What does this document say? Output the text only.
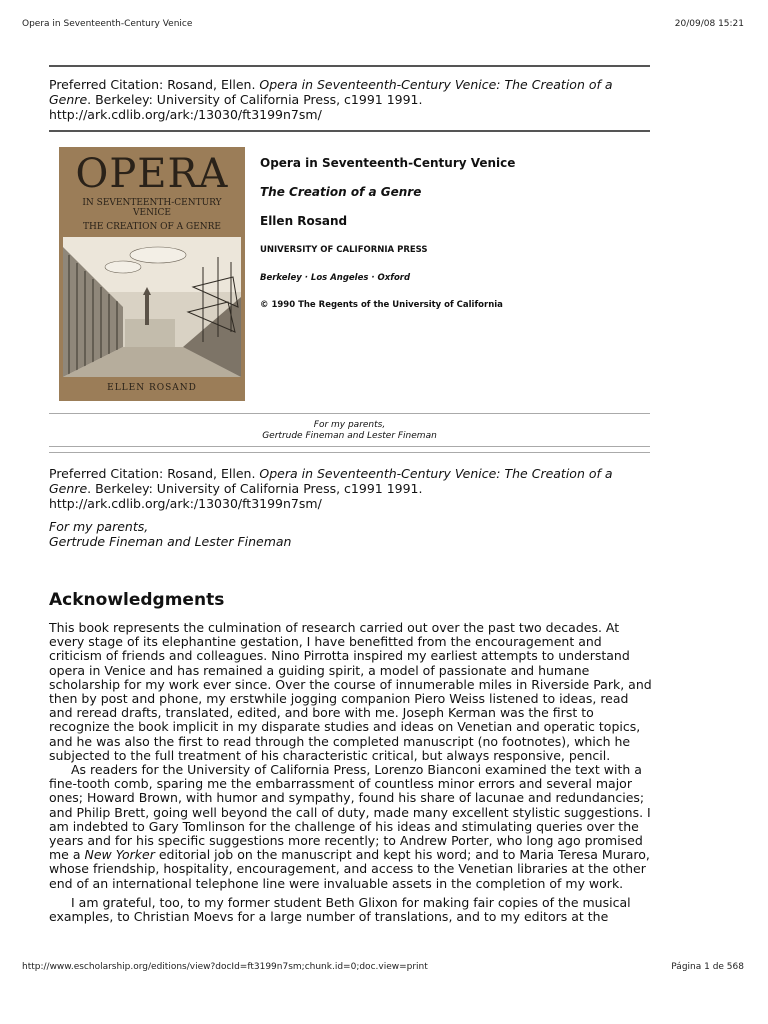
Opera in Seventeenth-Century Venice	20/09/08 15:21
Preferred Citation: Rosand, Ellen. Opera in Seventeenth-Century Venice: The Creation of a Genre. Berkeley: University of California Press, c1991 1991.
http://ark.cdlib.org/ark:/13030/ft3199n7sm/
OPERA
IN SEVENTEENTH-CENTURY
VENICE
THE CREATION OF A GENRE
ELLEN ROSAND
Opera in Seventeenth-Century Venice
The Creation of a Genre
Ellen Rosand
UNIVERSITY OF CALIFORNIA PRESS
Berkeley · Los Angeles · Oxford
© 1990 The Regents of the University of California
For my parents,
Gertrude Fineman and Lester Fineman
Preferred Citation: Rosand, Ellen. Opera in Seventeenth-Century Venice: The Creation of a Genre. Berkeley: University of California Press, c1991 1991.
http://ark.cdlib.org/ark:/13030/ft3199n7sm/
For my parents,
Gertrude Fineman and Lester Fineman
Acknowledgments

This book represents the culmination of research carried out over the past two decades. At every stage of its elephantine gestation, I have benefitted from the encouragement and criticism of friends and colleagues. Nino Pirrotta inspired my earliest attempts to understand opera in Venice and has remained a guiding spirit, a model of passionate and humane scholarship for my work ever since. Over the course of innumerable miles in Riverside Park, and then by post and phone, my erstwhile jogging companion Piero Weiss listened to ideas, read and reread drafts, translated, edited, and bore with me. Joseph Kerman was the first to recognize the book implicit in my disparate studies and ideas on Venetian and operatic topics, and he was also the first to read through the completed manuscript (no footnotes), which he subjected to the full treatment of his characteristic critical, but always responsive, pencil.

As readers for the University of California Press, Lorenzo Bianconi examined the text with a fine-tooth comb, sparing me the embarrassment of countless minor errors and several major ones; Howard Brown, with humor and sympathy, found his share of lacunae and redundancies; and Philip Brett, going well beyond the call of duty, made many excellent stylistic suggestions. I am indebted to Gary Tomlinson for the challenge of his ideas and stimulating queries over the years and for his specific suggestions more recently; to Andrew Porter, who long ago promised me a New Yorker editorial job on the manuscript and kept his word; and to Maria Teresa Muraro, whose friendship, hospitality, encouragement, and access to the Venetian libraries at the other end of an international telephone line were invaluable assets in the completion of my work.

I am grateful, too, to my former student Beth Glixon for making fair copies of the musical examples, to Christian Moevs for a large number of translations, and to my editors at the

http://www.escholarship.org/editions/view?docId=ft3199n7sm;chunk.id=0;doc.view=print	Página 1 de 568
